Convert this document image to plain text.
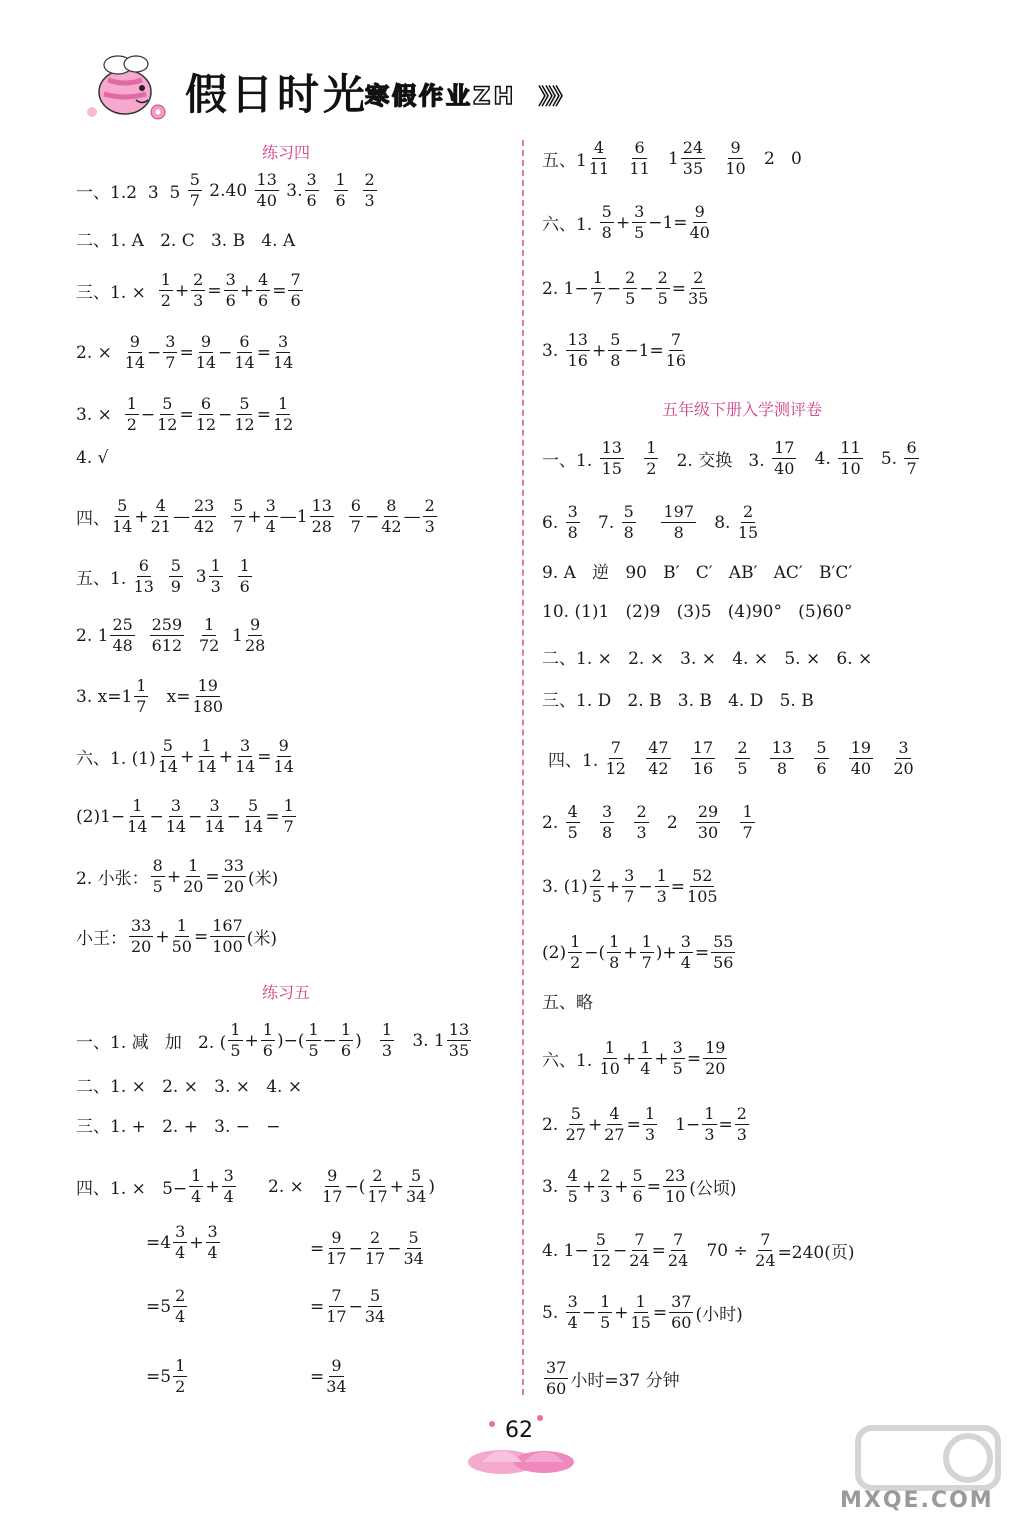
假日时光
寒假作业ZH 》》》
练习四
练习五
五年级下册入学测评卷
一、1.2  3  $5 \frac{5}{7} 2.40 \frac{13}{40} 3$. $\frac{3}{6}$
$\frac{1}{6}$
$\frac{2}{3}$
二、1. A   2. C   3. B   4. A
三、1. × $\frac{1}{2} + \frac{2}{3} = \frac{3}{6} + \frac{4}{6} = \frac{7}{6}$
2. × $\frac{9}{14} - \frac{3}{7} = \frac{9}{14} - \frac{6}{14} = \frac{3}{14}$
3. × $\frac{1}{2} - \frac{5}{12} = \frac{6}{12} - \frac{5}{12} = \frac{1}{12}$
4. √
四、 $\frac{5}{14} + \frac{4}{21}$ — $\frac{23}{42}$
$\frac{5}{7} + \frac{3}{4}$ —1 $\frac{13}{28}$
$\frac{6}{7} - \frac{8}{42}$ — $\frac{2}{3}$
五、1. $\frac{6}{13}$
$\frac{5}{9} 3 \frac{1}{3}$
$\frac{1}{6}$
2. $1 \frac{25}{48}$
$\frac{259}{612}$
$\frac{1}{72} 1 \frac{9}{28}$
3. $x=1 \frac{1}{7} x= \frac{19}{180}$
六、1. $(1) \frac{5}{14} + \frac{1}{14} + \frac{3}{14} = \frac{9}{14}$
$(2)1- \frac{1}{14} - \frac{3}{14} - \frac{3}{14} - \frac{5}{14} = \frac{1}{7}$
2. 小张： $\frac{8}{5} + \frac{1}{20} = \frac{33}{20}$ (米)
小王： $\frac{33}{20} + \frac{1}{50} = \frac{167}{100}$ (米)
一、1. 减   加   2. ( $\frac{1}{5} + \frac{1}{6}$ )−( $\frac{1}{5} - \frac{1}{6}$ ) $\frac{1}{3} 3$. $1 \frac{13}{35}$
二、1. ×   2. ×   3. ×   4. ×
三、1. +   2. +   3. −   −
四、1. ×   $5- \frac{1}{4} + \frac{3}{4} 2$. × $\frac{9}{17}$ −( $\frac{2}{17} + \frac{5}{34}$ )
$=4 \frac{3}{4} + \frac{3}{4}$	= $\frac{9}{17} - \frac{2}{17} - \frac{5}{34}$
$=5 \frac{2}{4}$	= $\frac{7}{17} - \frac{5}{34}$
$=5 \frac{1}{2}$	= $\frac{9}{34}$
五、$1 \frac{4}{11}$
$\frac{6}{11} 1 \frac{24}{35}$
$\frac{9}{10} 2$   0
六、1. $\frac{5}{8} + \frac{3}{5} -1= \frac{9}{40}$
2. $1- \frac{1}{7} - \frac{2}{5} - \frac{2}{5} = \frac{2}{35}$
3. $\frac{13}{16} + \frac{5}{8} -1= \frac{7}{16}$
一、1. $\frac{13}{15}$
$\frac{1}{2} 2$. 交换   3. $\frac{17}{40} 4$. $\frac{11}{10} 5$. $\frac{6}{7}$
6. $\frac{3}{8} 7$. $\frac{5}{8}$
$\frac{197}{8} 8$. $\frac{2}{15}$
9. A   逆   90   B′   C′   AB′   AC′   B′C′
10. (1)1   (2)9   (3)5   (4)90°   (5)60°
二、1. ×   2. ×   3. ×   4. ×   5. ×   6. ×
三、1. D   2. B   3. B   4. D   5. B
四、1. $\frac{7}{12}$
$\frac{47}{42}$
$\frac{17}{16}$
$\frac{2}{5}$
$\frac{13}{8}$
$\frac{5}{6}$
$\frac{19}{40}$
$\frac{3}{20}$
2. $\frac{4}{5}$
$\frac{3}{8}$
$\frac{2}{3} 2 \frac{29}{30}$
$\frac{1}{7}$
3. $(1) \frac{2}{5} + \frac{3}{7} - \frac{1}{3} = \frac{52}{105}$
$(2) \frac{1}{2}$ −( $\frac{1}{8} + \frac{1}{7}$ )+ $\frac{3}{4} = \frac{55}{56}$
五、略
六、1. $\frac{1}{10} + \frac{1}{4} + \frac{3}{5} = \frac{19}{20}$
2. $\frac{5}{27} + \frac{4}{27} = \frac{1}{3} 1- \frac{1}{3} = \frac{2}{3}$
3. $\frac{4}{5} + \frac{2}{3} + \frac{5}{6} = \frac{23}{10}$ (公顷)
4. $1- \frac{5}{12} - \frac{7}{24} = \frac{7}{24} 70 \div \frac{7}{24} =240$(页)
5. $\frac{3}{4} - \frac{1}{5} + \frac{1}{15} = \frac{37}{60}$ (小时)
$\frac{37}{60}$ 小时=37 分钟
62
MXQE.COM
